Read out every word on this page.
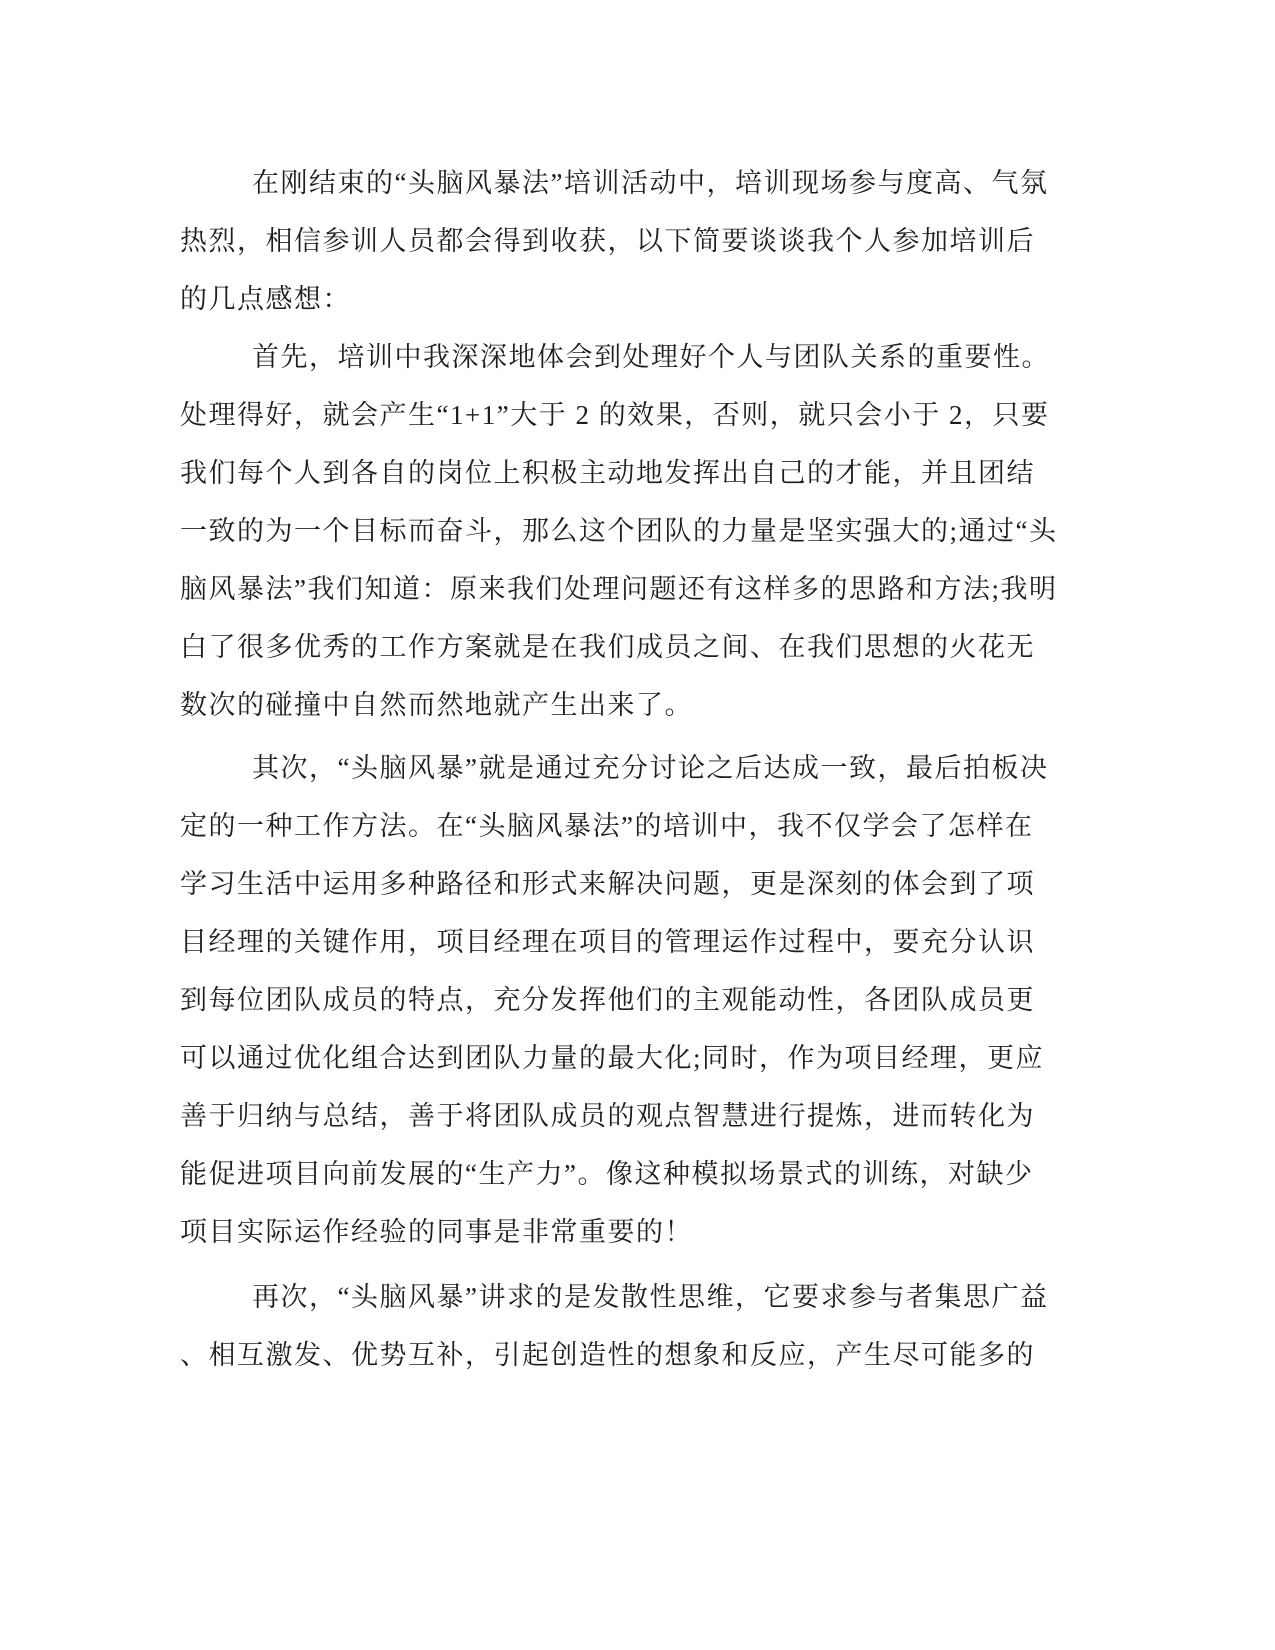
在刚结束的“头脑风暴法”培训活动中，培训现场参与度高、气氛
热烈，相信参训人员都会得到收获，以下简要谈谈我个人参加培训后
的几点感想：
首先，培训中我深深地体会到处理好个人与团队关系的重要性。
处理得好，就会产生“1+1”大于 2 的效果，否则，就只会小于 2，只要
我们每个人到各自的岗位上积极主动地发挥出自己的才能，并且团结
一致的为一个目标而奋斗，那么这个团队的力量是坚实强大的;通过“头
脑风暴法”我们知道：原来我们处理问题还有这样多的思路和方法;我明
白了很多优秀的工作方案就是在我们成员之间、在我们思想的火花无
数次的碰撞中自然而然地就产生出来了。
其次，“头脑风暴”就是通过充分讨论之后达成一致，最后拍板决
定的一种工作方法。在“头脑风暴法”的培训中，我不仅学会了怎样在
学习生活中运用多种路径和形式来解决问题，更是深刻的体会到了项
目经理的关键作用，项目经理在项目的管理运作过程中，要充分认识
到每位团队成员的特点，充分发挥他们的主观能动性，各团队成员更
可以通过优化组合达到团队力量的最大化;同时，作为项目经理，更应
善于归纳与总结，善于将团队成员的观点智慧进行提炼，进而转化为
能促进项目向前发展的“生产力”。像这种模拟场景式的训练，对缺少
项目实际运作经验的同事是非常重要的！
再次，“头脑风暴”讲求的是发散性思维，它要求参与者集思广益
、相互激发、优势互补，引起创造性的想象和反应，产生尽可能多的
